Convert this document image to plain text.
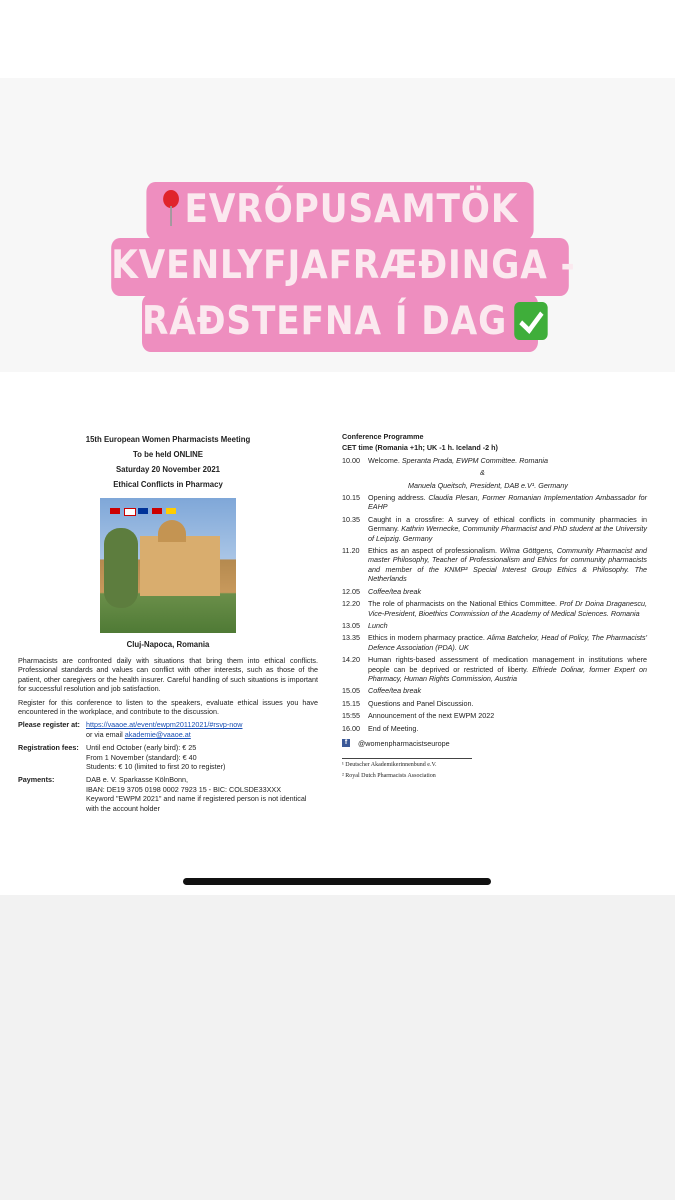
EVRÓPUSAMTÖK
KVENLYFJAFRÆÐINGA -
RÁÐSTEFNA Í DAG
15th European Women Pharmacists Meeting
To be held ONLINE
Saturday 20 November 2021
Ethical Conflicts in Pharmacy
Cluj-Napoca, Romania
Pharmacists are confronted daily with situations that bring them into ethical conflicts. Professional standards and values can conflict with other interests, such as those of the patient, other caregivers or the health insurer. Careful handling of such situations is important for successful resolution and job satisfaction.
Register for this conference to listen to the speakers, evaluate ethical issues you have encountered in the workplace, and contribute to the discussion.
Please register at: https://vaaoe.at/event/ewpm20112021/#rsvp-now
or via email akademie@vaaoe.at
Registration fees:	Until end October (early bird): € 25
From 1 November (standard): € 40
Students: € 10 (limited to first 20 to register)
Payments:	DAB e. V. Sparkasse KölnBonn,
IBAN: DE19 3705 0198 0002 7923 15 - BIC: COLSDE33XXX
Keyword "EWPM 2021" and name if registered person is not identical with the account holder
Conference Programme
CET time (Romania +1h; UK -1 h. Iceland -2 h)
10.00	Welcome. Speranta Prada, EWPM Committee. Romania
&
Manuela Queitsch, President, DAB e.V¹. Germany
10.15	Opening address. Claudia Plesan, Former Romanian Implementation Ambassador for EAHP
10.35	Caught in a crossfire: A survey of ethical conflicts in community pharmacies in Germany. Kathrin Wernecke, Community Pharmacist and PhD student at the University of Leipzig. Germany
11.20	Ethics as an aspect of professionalism. Wilma Göttgens, Community Pharmacist and master Philosophy, Teacher of Professionalism and Ethics for community pharmacists and member of the KNMP² Special Interest Group Ethics & Philosophy. The Netherlands
12.05	Coffee/tea break
12.20	The role of pharmacists on the National Ethics Committee. Prof Dr Doina Draganescu, Vice-President, Bioethics Commission of the Academy of Medical Sciences. Romania
13.05	Lunch
13.35	Ethics in modern pharmacy practice. Alima Batchelor, Head of Policy, The Pharmacists' Defence Association (PDA). UK
14.20	Human rights-based assessment of medication management in institutions where people can be deprived or restricted of liberty. Elfriede Dolinar, former Expert on Pharmacy, Human Rights Commission, Austria
15.05	Coffee/tea break
15.15	Questions and Panel Discussion.
15:55	Announcement of the next EWPM 2022
16.00	End of Meeting.
f	@womenpharmacistseurope
¹ Deutscher Akademikerinnenbund e.V.
² Royal Dutch Pharmacists Association
